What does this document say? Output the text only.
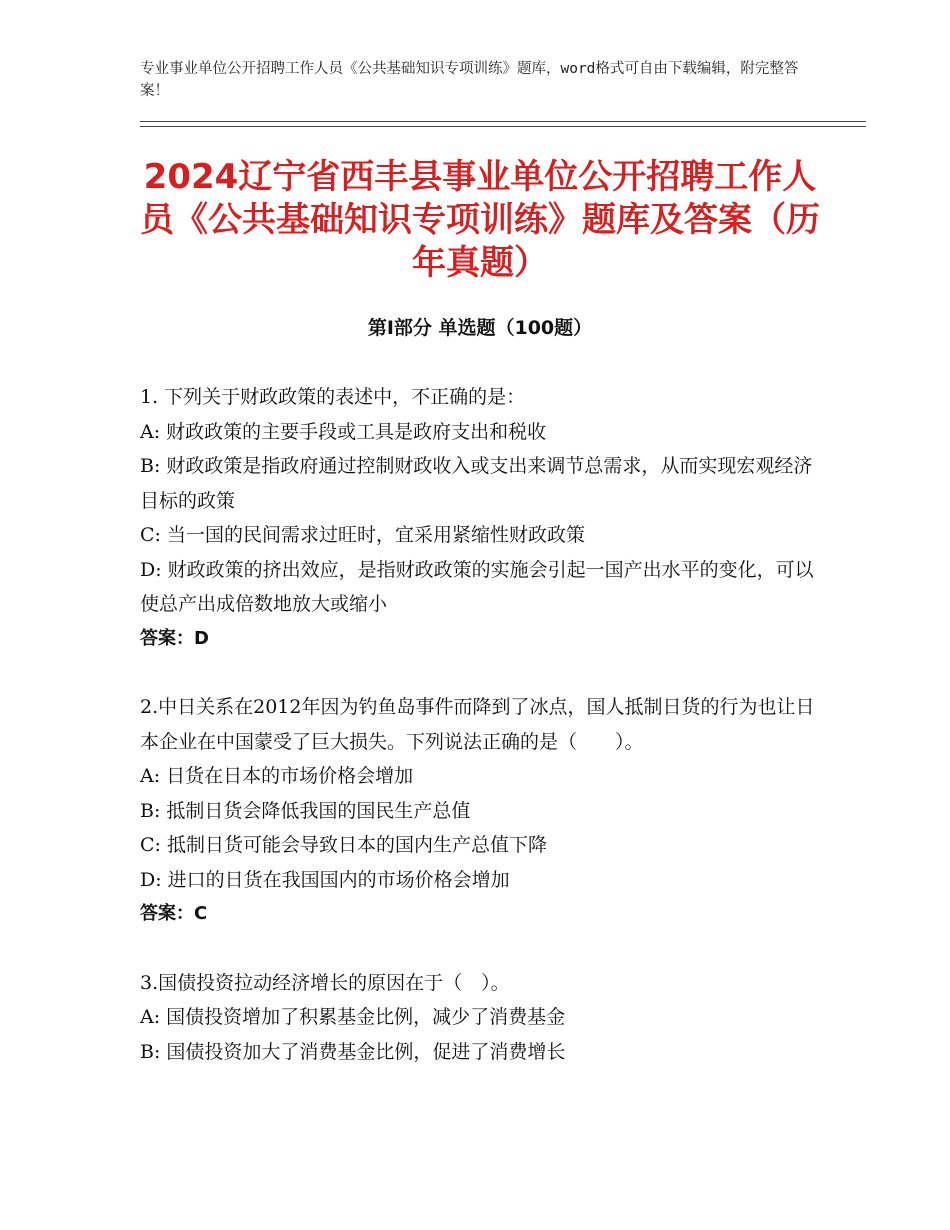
专业事业单位公开招聘工作人员《公共基础知识专项训练》题库，word格式可自由下载编辑，附完整答案！
2024辽宁省西丰县事业单位公开招聘工作人员《公共基础知识专项训练》题库及答案（历年真题）
第Ⅰ部分 单选题（100题）

1. 下列关于财政政策的表述中，不正确的是：

A: 财政政策的主要手段或工具是政府支出和税收

B: 财政政策是指政府通过控制财政收入或支出来调节总需求，从而实现宏观经济目标的政策

C: 当一国的民间需求过旺时，宜采用紧缩性财政政策

D: 财政政策的挤出效应，是指财政政策的实施会引起一国产出水平的变化，可以使总产出成倍数地放大或缩小

答案：D

2.中日关系在2012年因为钓鱼岛事件而降到了冰点，国人抵制日货的行为也让日本企业在中国蒙受了巨大损失。下列说法正确的是（　　）。

A: 日货在日本的市场价格会增加

B: 抵制日货会降低我国的国民生产总值

C: 抵制日货可能会导致日本的国内生产总值下降

D: 进口的日货在我国国内的市场价格会增加

答案：C

3.国债投资拉动经济增长的原因在于（　）。

A: 国债投资增加了积累基金比例，减少了消费基金

B: 国债投资加大了消费基金比例，促进了消费增长
